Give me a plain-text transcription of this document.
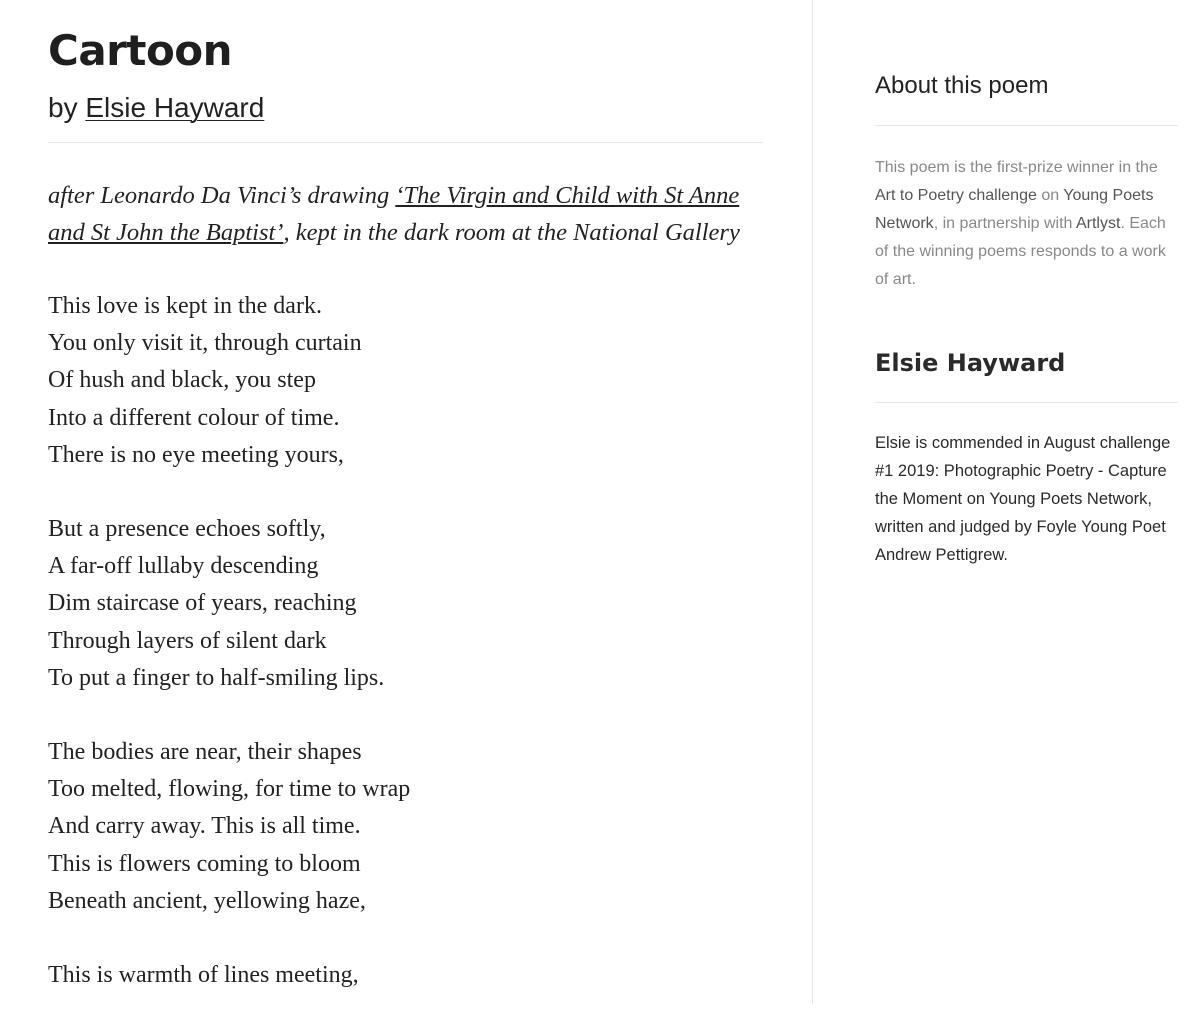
Cartoon
by Elsie Hayward
after Leonardo Da Vinci’s drawing ‘The Virgin and Child with St Anne and St John the Baptist’, kept in the dark room at the National Gallery
This love is kept in the dark.
You only visit it, through curtain
Of hush and black, you step
Into a different colour of time.
There is no eye meeting yours,
But a presence echoes softly,
A far-off lullaby descending
Dim staircase of years, reaching
Through layers of silent dark
To put a finger to half-smiling lips.
The bodies are near, their shapes
Too melted, flowing, for time to wrap
And carry away. This is all time.
This is flowers coming to bloom
Beneath ancient, yellowing haze,
This is warmth of lines meeting,
About this poem
This poem is the first-prize winner in the Art to Poetry challenge on Young Poets Network, in partnership with Artlyst. Each of the winning poems responds to a work of art.
Elsie Hayward
Elsie is commended in August challenge #1 2019: Photographic Poetry - Capture the Moment on Young Poets Network, written and judged by Foyle Young Poet Andrew Pettigrew.
